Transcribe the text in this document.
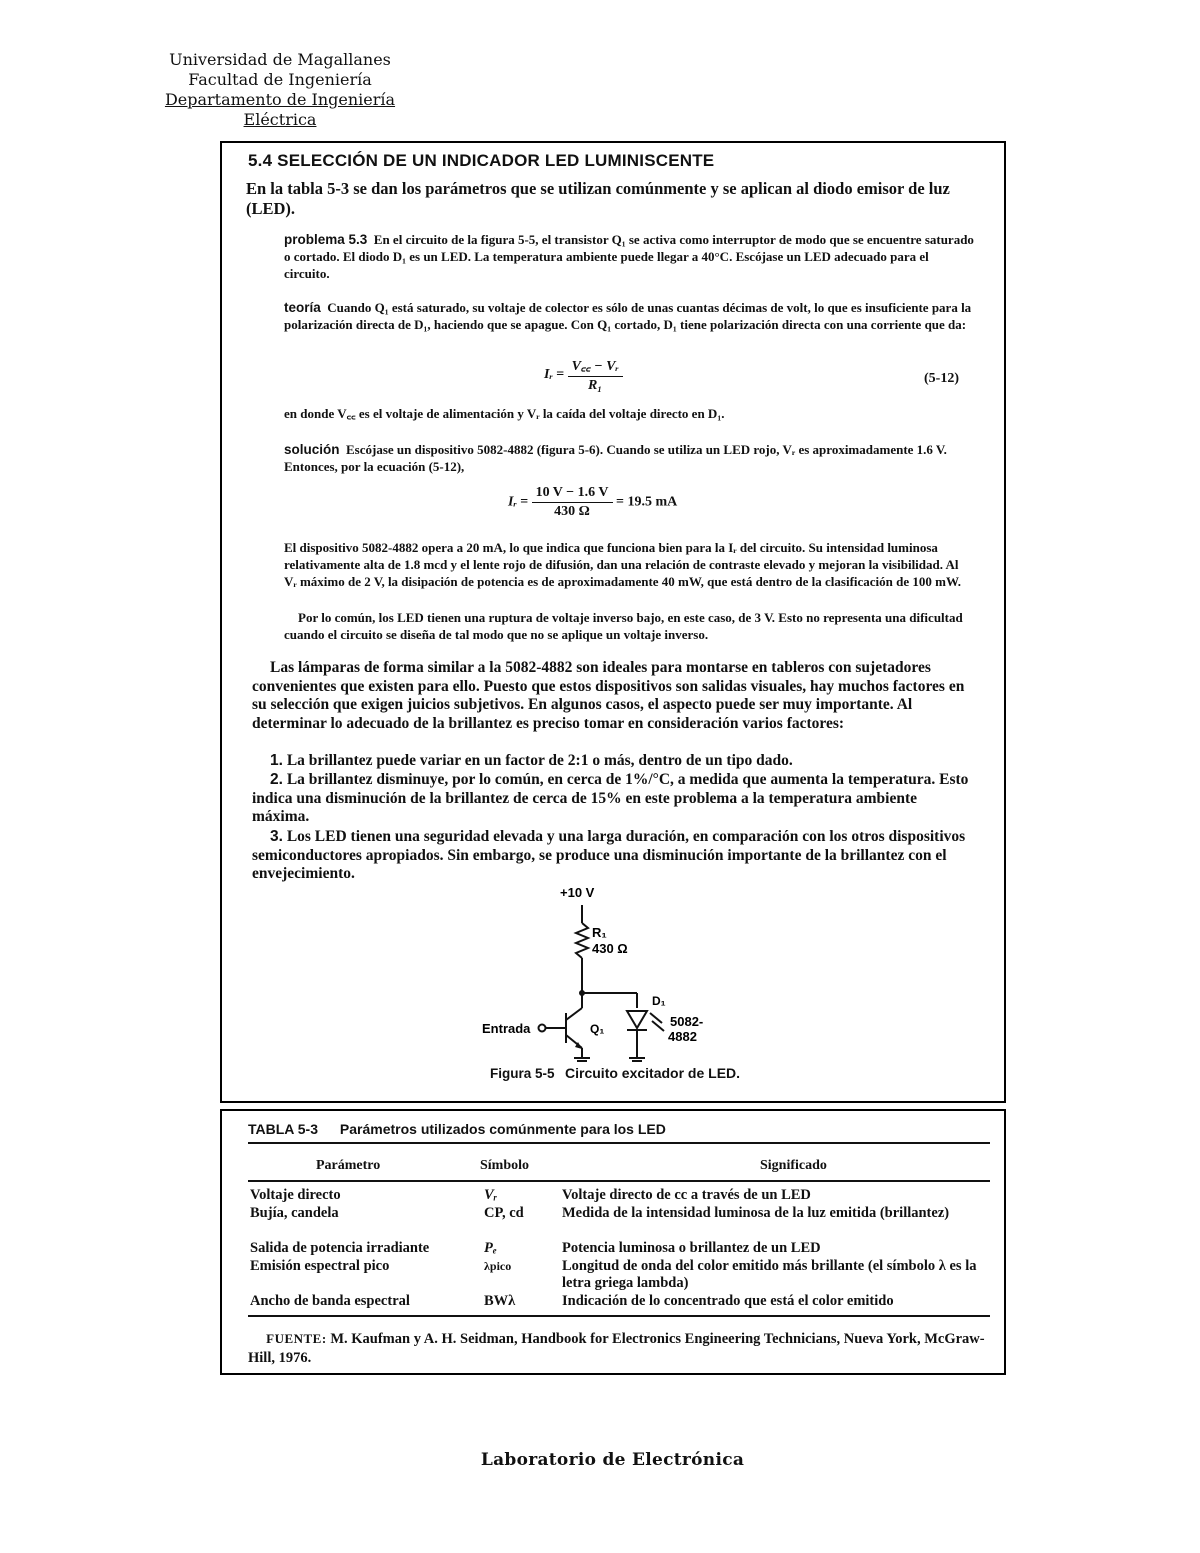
Universidad de Magallanes
Facultad de Ingeniería
Departamento de Ingeniería Eléctrica
5.4 SELECCIÓN DE UN INDICADOR LED LUMINISCENTE
En la tabla 5-3 se dan los parámetros que se utilizan comúnmente y se aplican al diodo emisor de luz (LED).
problema 5.3 En el circuito de la figura 5-5, el transistor Q₁ se activa como interruptor de modo que se encuentre saturado o cortado. El diodo D₁ es un LED. La temperatura ambiente puede llegar a 40°C. Escójase un LED adecuado para el circuito.
teoría Cuando Q₁ está saturado, su voltaje de colector es sólo de unas cuantas décimas de volt, lo que es insuficiente para la polarización directa de D₁, haciendo que se apague. Con Q₁ cortado, D₁ tiene polarización directa con una corriente que da:
Iᵣ = $\frac{\text{V꜀꜀ − Vᵣ}}{\text{R₁}}$	(5-12)
en donde V꜀꜀ es el voltaje de alimentación y Vᵣ la caída del voltaje directo en D₁.
solución Escójase un dispositivo 5082-4882 (figura 5-6). Cuando se utiliza un LED rojo, Vᵣ es aproximadamente 1.6 V. Entonces, por la ecuación (5-12),
Iᵣ = $\frac{10 V - 1.6 V}{430 \Omega} = 19.5$ mA
El dispositivo 5082-4882 opera a 20 mA, lo que indica que funciona bien para la Iᵣ del circuito. Su intensidad luminosa relativamente alta de 1.8 mcd y el lente rojo de difusión, dan una relación de contraste elevado y mejoran la visibilidad. Al Vᵣ máximo de 2 V, la disipación de potencia es de aproximadamente 40 mW, que está dentro de la clasificación de 100 mW.
Por lo común, los LED tienen una ruptura de voltaje inverso bajo, en este caso, de 3 V. Esto no representa una dificultad cuando el circuito se diseña de tal modo que no se aplique un voltaje inverso.
Las lámparas de forma similar a la 5082-4882 son ideales para montarse en tableros con sujetadores convenientes que existen para ello. Puesto que estos dispositivos son salidas visuales, hay muchos factores en su selección que exigen juicios subjetivos. En algunos casos, el aspecto puede ser muy importante. Al determinar lo adecuado de la brillantez es preciso tomar en consideración varios factores:
1. La brillantez puede variar en un factor de 2:1 o más, dentro de un tipo dado.
2. La brillantez disminuye, por lo común, en cerca de 1%/°C, a medida que aumenta la temperatura. Esto indica una disminución de la brillantez de cerca de 15% en este problema a la temperatura ambiente máxima.
3. Los LED tienen una seguridad elevada y una larga duración, en comparación con los otros dispositivos semiconductores apropiados. Sin embargo, se produce una disminución importante de la brillantez con el envejecimiento.
+10 V
R₁
430 Ω
Entrada	Q₁
D₁
5082-
4882
Figura 5-5 Circuito excitador de LED.
TABLA 5-3 Parámetros utilizados comúnmente para los LED
Parámetro	Símbolo	Significado
Voltaje directo	Vᵣ	Voltaje directo de cc a través de un LED
Bujía, candela	CP, cd	Medida de la intensidad luminosa de la luz emitida (brillantez)
Salida de potencia irradiante	Pₑ	Potencia luminosa o brillantez de un LED
Emisión espectral pico	λpico	Longitud de onda del color emitido más brillante (el símbolo λ es la letra griega lambda)
Ancho de banda espectral	BWλ	Indicación de lo concentrado que está el color emitido
FUENTE: M. Kaufman y A. H. Seidman, Handbook for Electronics Engineering Technicians, Nueva York, McGraw-Hill, 1976.
Laboratorio de Electrónica
